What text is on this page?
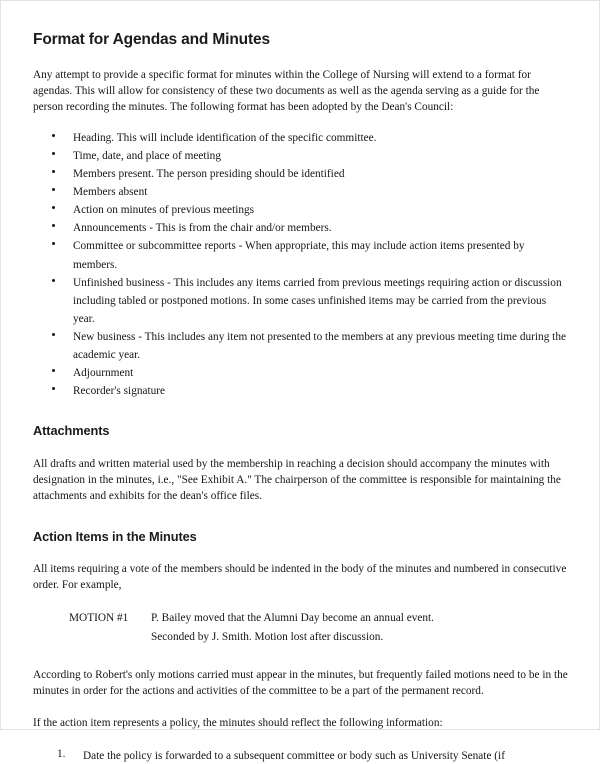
Format for Agendas and Minutes

Any attempt to provide a specific format for minutes within the College of Nursing will extend to a format for agendas. This will allow for consistency of these two documents as well as the agenda serving as a guide for the person recording the minutes. The following format has been adopted by the Dean's Council:

Heading. This will include identification of the specific committee.
Time, date, and place of meeting
Members present. The person presiding should be identified
Members absent
Action on minutes of previous meetings
Announcements - This is from the chair and/or members.
Committee or subcommittee reports - When appropriate, this may include action items presented by members.
Unfinished business - This includes any items carried from previous meetings requiring action or discussion including tabled or postponed motions. In some cases unfinished items may be carried from the previous year.
New business - This includes any item not presented to the members at any previous meeting time during the academic year.
Adjournment
Recorder's signature
Attachments

All drafts and written material used by the membership in reaching a decision should accompany the minutes with designation in the minutes, i.e., "See Exhibit A." The chairperson of the committee is responsible for maintaining the attachments and exhibits for the dean's office files.

Action Items in the Minutes

All items requiring a vote of the members should be indented in the body of the minutes and numbered in consecutive order. For example,

MOTION #1	P. Bailey moved that the Alumni Day become an annual event.
Seconded by J. Smith. Motion lost after discussion.

According to Robert's only motions carried must appear in the minutes, but frequently failed motions need to be in the minutes in order for the actions and activities of the committee to be a part of the permanent record.

If the action item represents a policy, the minutes should reflect the following information:

1. Date the policy is forwarded to a subsequent committee or body such as University Senate (if
